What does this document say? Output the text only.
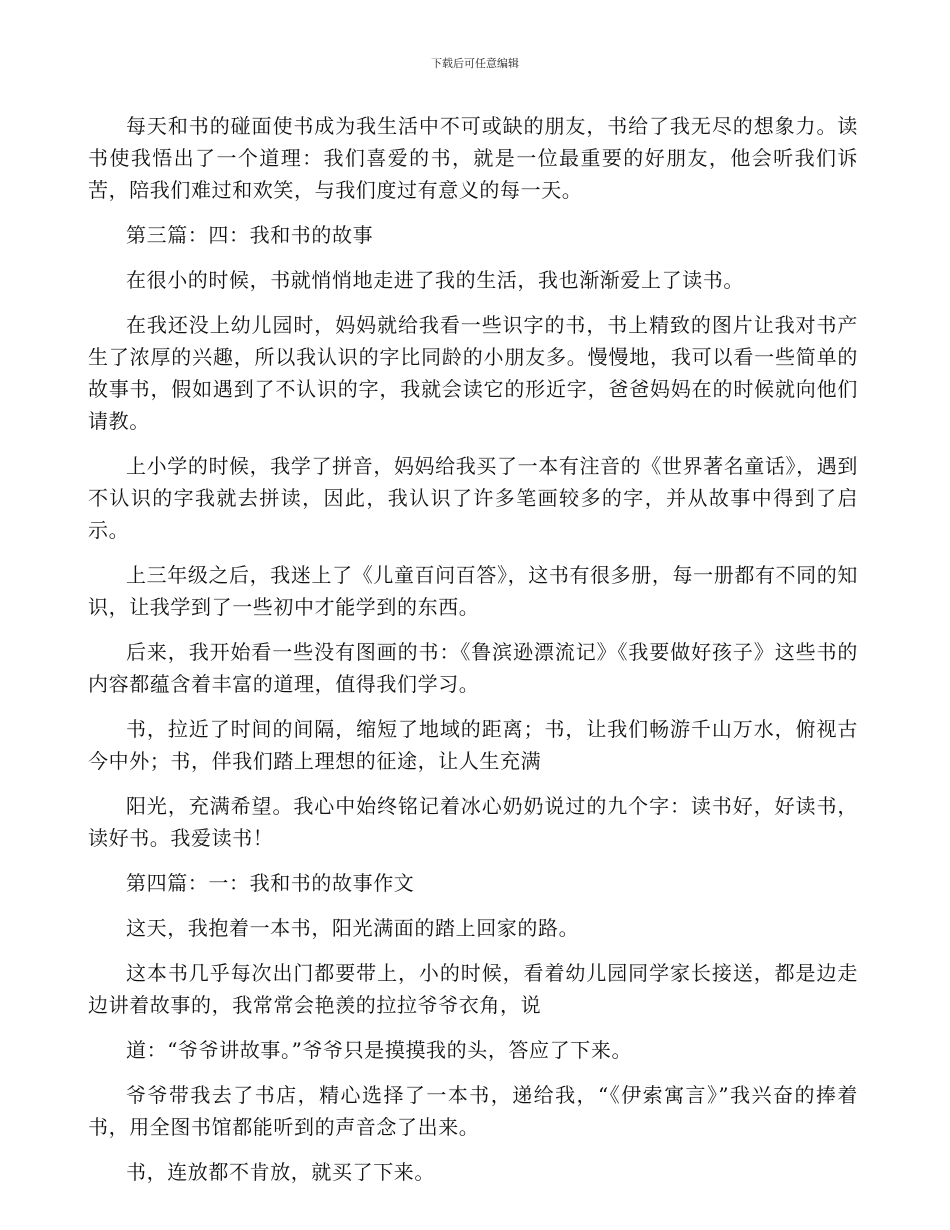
下载后可任意编辑

每天和书的碰面使书成为我生活中不可或缺的朋友，书给了我无尽的想象力。读书使我悟出了一个道理：我们喜爱的书，就是一位最重要的好朋友，他会听我们诉苦，陪我们难过和欢笑，与我们度过有意义的每一天。

第三篇：四：我和书的故事

在很小的时候，书就悄悄地走进了我的生活，我也渐渐爱上了读书。

在我还没上幼儿园时，妈妈就给我看一些识字的书，书上精致的图片让我对书产生了浓厚的兴趣，所以我认识的字比同龄的小朋友多。慢慢地，我可以看一些简单的故事书，假如遇到了不认识的字，我就会读它的形近字，爸爸妈妈在的时候就向他们请教。

上小学的时候，我学了拼音，妈妈给我买了一本有注音的《世界著名童话》，遇到不认识的字我就去拼读，因此，我认识了许多笔画较多的字，并从故事中得到了启示。

上三年级之后，我迷上了《儿童百问百答》，这书有很多册，每一册都有不同的知识，让我学到了一些初中才能学到的东西。

后来，我开始看一些没有图画的书：《鲁滨逊漂流记》《我要做好孩子》这些书的内容都蕴含着丰富的道理，值得我们学习。

书，拉近了时间的间隔，缩短了地域的距离；书，让我们畅游千山万水，俯视古今中外；书，伴我们踏上理想的征途，让人生充满

阳光，充满希望。我心中始终铭记着冰心奶奶说过的九个字：读书好，好读书，读好书。我爱读书！

第四篇：一：我和书的故事作文

这天，我抱着一本书，阳光满面的踏上回家的路。

这本书几乎每次出门都要带上，小的时候，看着幼儿园同学家长接送，都是边走边讲着故事的，我常常会艳羡的拉拉爷爷衣角，说

道：“爷爷讲故事。”爷爷只是摸摸我的头，答应了下来。

爷爷带我去了书店，精心选择了一本书，递给我，“《伊索寓言》”我兴奋的捧着书，用全图书馆都能听到的声音念了出来。

书，连放都不肯放，就买了下来。
